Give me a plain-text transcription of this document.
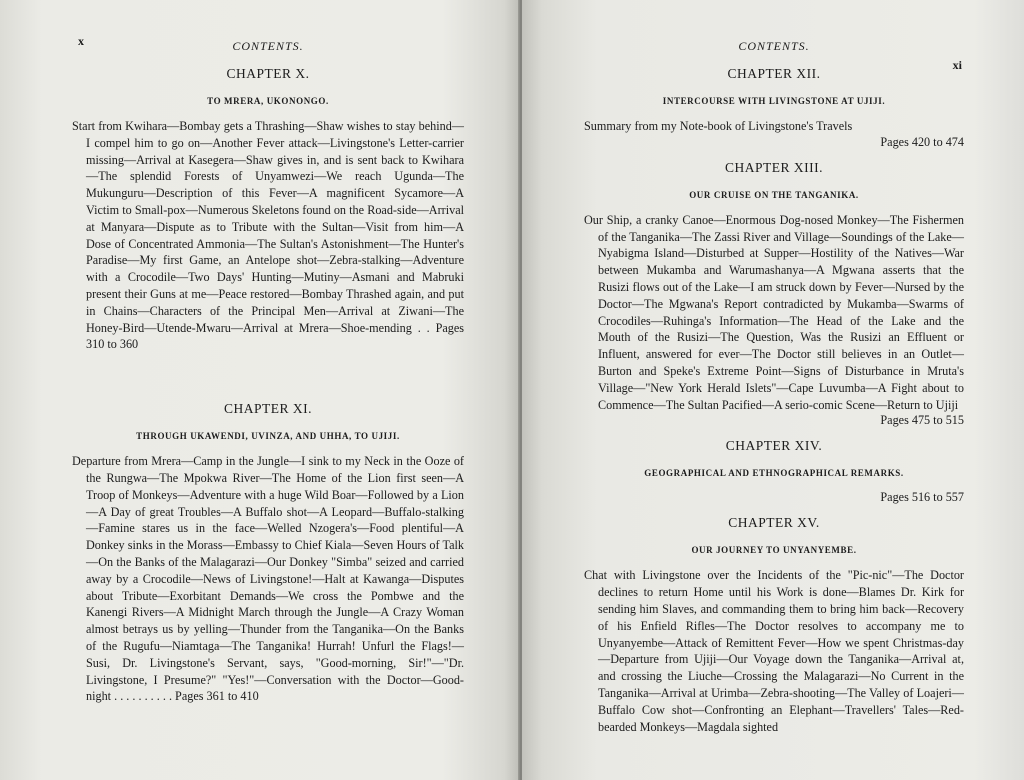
x	CONTENTS.
CHAPTER X.
TO MRERA, UKONONGO.

Start from Kwihara—Bombay gets a Thrashing—Shaw wishes to stay behind—I compel him to go on—Another Fever attack—Livingstone's Letter-carrier missing—Arrival at Kasegera—Shaw gives in, and is sent back to Kwihara—The splendid Forests of Unyamwezi—We reach Ugunda—The Mukunguru—Description of this Fever—A magnificent Sycamore—A Victim to Small-pox—Numerous Skeletons found on the Road-side—Arrival at Manyara—Dispute as to Tribute with the Sultan—Visit from him—A Dose of Concentrated Ammonia—The Sultan's Astonishment—The Hunter's Paradise—My first Game, an Antelope shot—Zebra-stalking—Adventure with a Crocodile—Two Days' Hunting—Mutiny—Asmani and Mabruki present their Guns at me—Peace restored—Bombay Thrashed again, and put in Chains—Characters of the Principal Men—Arrival at Ziwani—The Honey-Bird—Utende-Mwaru—Arrival at Mrera—Shoe-mending . . Pages 310 to 360

CHAPTER XI.
THROUGH UKAWENDI, UVINZA, AND UHHA, TO UJIJI.

Departure from Mrera—Camp in the Jungle—I sink to my Neck in the Ooze of the Rungwa—The Mpokwa River—The Home of the Lion first seen—A Troop of Monkeys—Adventure with a huge Wild Boar—Followed by a Lion—A Day of great Troubles—A Buffalo shot—A Leopard—Buffalo-stalking—Famine stares us in the face—Welled Nzogera's—Food plentiful—A Donkey sinks in the Morass—Embassy to Chief Kiala—Seven Hours of Talk—On the Banks of the Malagarazi—Our Donkey "Simba" seized and carried away by a Crocodile—News of Livingstone!—Halt at Kawanga—Disputes about Tribute—Exorbitant Demands—We cross the Pombwe and the Kanengi Rivers—A Midnight March through the Jungle—A Crazy Woman almost betrays us by yelling—Thunder from the Tanganika—On the Banks of the Rugufu—Niamtaga—The Tanganika! Hurrah! Unfurl the Flags!—Susi, Dr. Livingstone's Servant, says, "Good-morning, Sir!"—"Dr. Livingstone, I Presume?" "Yes!"—Conversation with the Doctor—Good-night . . . . . . . . . . Pages 361 to 410

xi
CONTENTS.
CHAPTER XII.
INTERCOURSE WITH LIVINGSTONE AT UJIJI.

Summary from my Note-book of Livingstone's Travels

Pages 420 to 474
CHAPTER XIII.
OUR CRUISE ON THE TANGANIKA.

Our Ship, a cranky Canoe—Enormous Dog-nosed Monkey—The Fishermen of the Tanganika—The Zassi River and Village—Soundings of the Lake—Nyabigma Island—Disturbed at Supper—Hostility of the Natives—War between Mukamba and Warumashanya—A Mgwana asserts that the Rusizi flows out of the Lake—I am struck down by Fever—Nursed by the Doctor—The Mgwana's Report contradicted by Mukamba—Swarms of Crocodiles—Ruhinga's Information—The Head of the Lake and the Mouth of the Rusizi—The Question, Was the Rusizi an Effluent or Influent, answered for ever—The Doctor still believes in an Outlet—Burton and Speke's Extreme Point—Signs of Disturbance in Mruta's Village—"New York Herald Islets"—Cape Luvumba—A Fight about to Commence—The Sultan Pacified—A serio-comic Scene—Return to Ujiji

Pages 475 to 515
CHAPTER XIV.
GEOGRAPHICAL AND ETHNOGRAPHICAL REMARKS.
Pages 516 to 557
CHAPTER XV.
OUR JOURNEY TO UNYANYEMBE.

Chat with Livingstone over the Incidents of the "Pic-nic"—The Doctor declines to return Home until his Work is done—Blames Dr. Kirk for sending him Slaves, and commanding them to bring him back—Recovery of his Enfield Rifles—The Doctor resolves to accompany me to Unyanyembe—Attack of Remittent Fever—How we spent Christmas-day—Departure from Ujiji—Our Voyage down the Tanganika—Arrival at, and crossing the Liuche—Crossing the Malagarazi—No Current in the Tanganika—Arrival at Urimba—Zebra-shooting—The Valley of Loajeri—Buffalo Cow shot—Confronting an Elephant—Travellers' Tales—Red-bearded Monkeys—Magdala sighted
